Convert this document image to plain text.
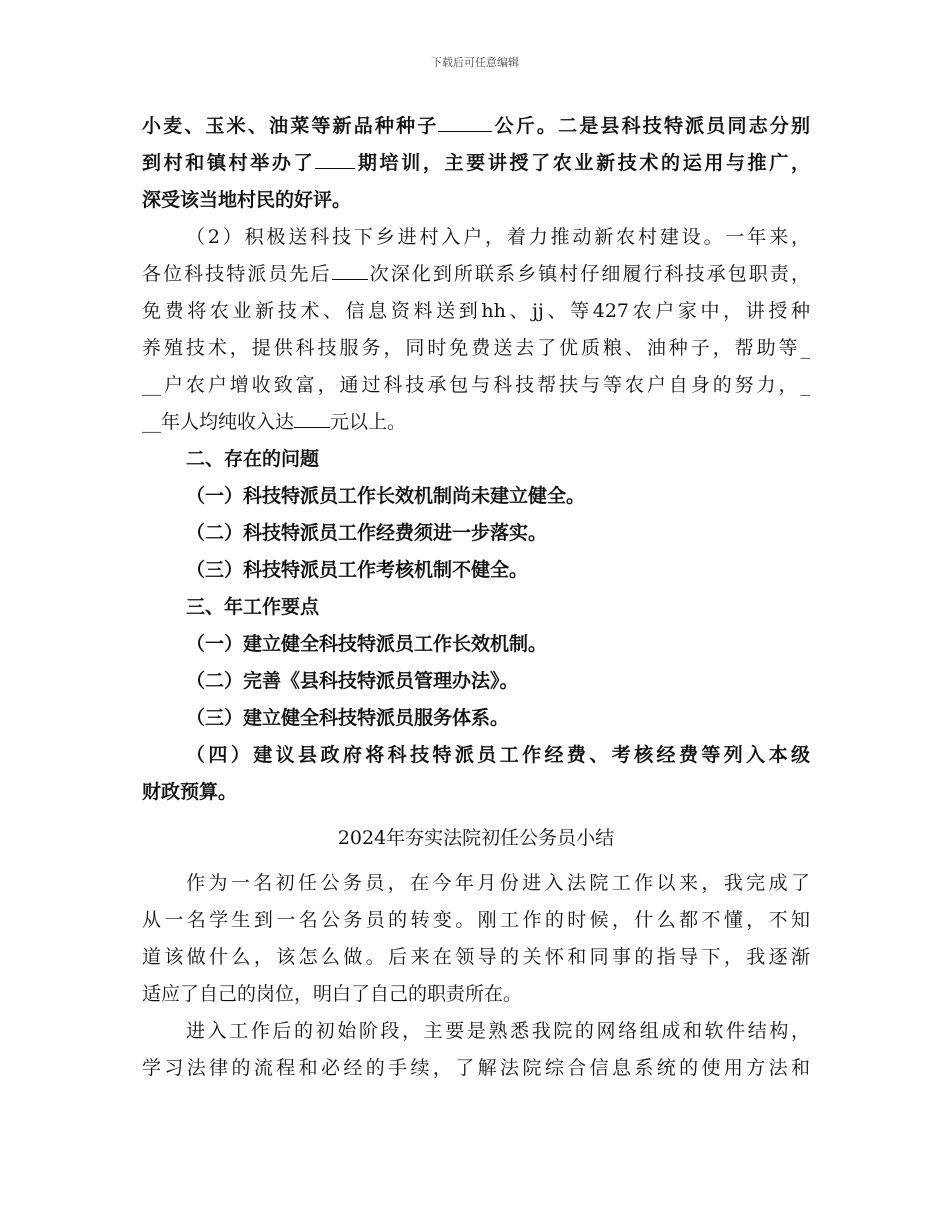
下载后可任意编辑
小麦、玉米、油菜等新品种种子	公斤。二是县科技特派员同志分别
到村和镇村举办了 期培训，主要讲授了农业新技术的运用与推广，
深受该当地村民的好评。
（2）积极送科技下乡进村入户，着力推动新农村建设。一年来，
各位科技特派员先后 次深化到所联系乡镇村仔细履行科技承包职责，
免费将农业新技术、信息资料送到hh、jj、等427农户家中，讲授种
养殖技术，提供科技服务，同时免费送去了优质粮、油种子，帮助等_
__户农户增收致富，通过科技承包与科技帮扶与等农户自身的努力，_
__年人均纯收入达 元以上。
二、存在的问题
（一）科技特派员工作长效机制尚未建立健全。
（二）科技特派员工作经费须进一步落实。
（三）科技特派员工作考核机制不健全。
三、年工作要点
（一）建立健全科技特派员工作长效机制。
（二）完善《县科技特派员管理办法》。
（三）建立健全科技特派员服务体系。
（四）建议县政府将科技特派员工作经费、考核经费等列入本级
财政预算。
2024年夯实法院初任公务员小结
作为一名初任公务员，在今年月份进入法院工作以来，我完成了
从一名学生到一名公务员的转变。刚工作的时候，什么都不懂，不知
道该做什么，该怎么做。后来在领导的关怀和同事的指导下，我逐渐
适应了自己的岗位，明白了自己的职责所在。
进入工作后的初始阶段，主要是熟悉我院的网络组成和软件结构，
学习法律的流程和必经的手续，了解法院综合信息系统的使用方法和
